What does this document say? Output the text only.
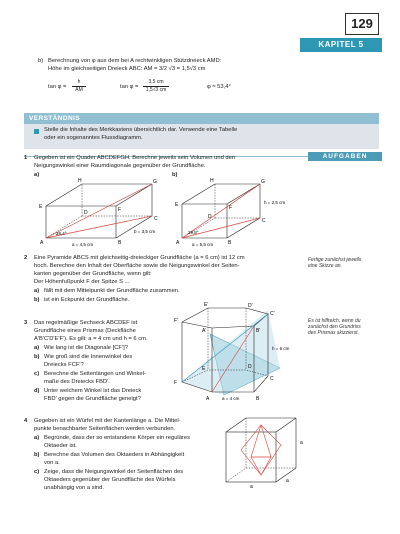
129
KAPITEL 5
b) Berechnung von φ aus dem bei A rechtwinkligen Stützdreieck AMD:
Höhe im gleichseitigen Dreieck ABC: AM = 3/2 √3 = 1,5√3 cm
tan φ =
h
AM	tan φ =
3,5 cm
1,5√3 cm	φ ≈ 53,4°
VERSTÄNDNIS
Stelle die Inhalte des Merkkastens übersichtlich dar. Verwende eine Tabelle
oder ein sogenanntes Flussdiagramm.
AUFGABEN
1 Gegeben ist ein Quader ABCDEFGH. Berechne jeweils sein Volumen und den
Neigungswinkel einer Raumdiagonale gegenüber der Grundfläche.
a)	b)
A	B
C
D
E	F
G
H
28,4°	b = 3,5 cm
a = 4,5 cm	A	B
C
D
E	F
G
H
29,8°
h = 2,5 cm
a = 5,5 cm
2 Eine Pyramide ABCS mit gleichseitig-dreieckiger Grundfläche (a = 6 cm) ist 12 cm
hoch. Berechne den Inhalt der Oberfläche sowie die Neigungswinkel der Seiten-
kanten gegenüber der Grundfläche, wenn gilt:
Der Höhenfußpunkt F der Spitze S ...
a) fällt mit dem Mittelpunkt der Grundfläche zusammen.
b) ist ein Eckpunkt der Grundfläche.
Fertige zunächst jeweils
eine Skizze an.
3 Das regelmäßige Sechseck ABCDEF ist
Grundfläche eines Prismas (Deckfläche
A'B'C'D'E'F'). Es gilt: a = 4 cm und h = 6 cm.
a) Wie lang ist die Diagonale [CF']?
b) Wie groß sind die Innenwinkel des
Dreiecks FCF'?
c) Berechne die Seitenlängen und Winkel-
maße des Dreiecks FBD'.
d) Unter welchem Winkel ist das Dreieck
FBD' gegen die Grundfläche geneigt?
Es ist hilfreich, wenn du
zunächst den Grundriss
des Prismas skizzierst.
E'	D'
F'
C'
A'	B'
E	D
F
C
A	B
h = 6 cm
a = 4 cm
4 Gegeben ist ein Würfel mit der Kantenlänge a. Die Mittel-
punkte benachbarter Seitenflächen werden verbunden.
a) Begründe, dass der so entstandene Körper ein reguläres
Oktaeder ist.
b) Berechne das Volumen des Oktaeders in Abhängigkeit
von a.
c) Zeige, dass die Neigungswinkel der Seitenflächen des
Oktaeders gegenüber der Grundfläche des Würfels
unabhängig von a sind.
a
a
a
